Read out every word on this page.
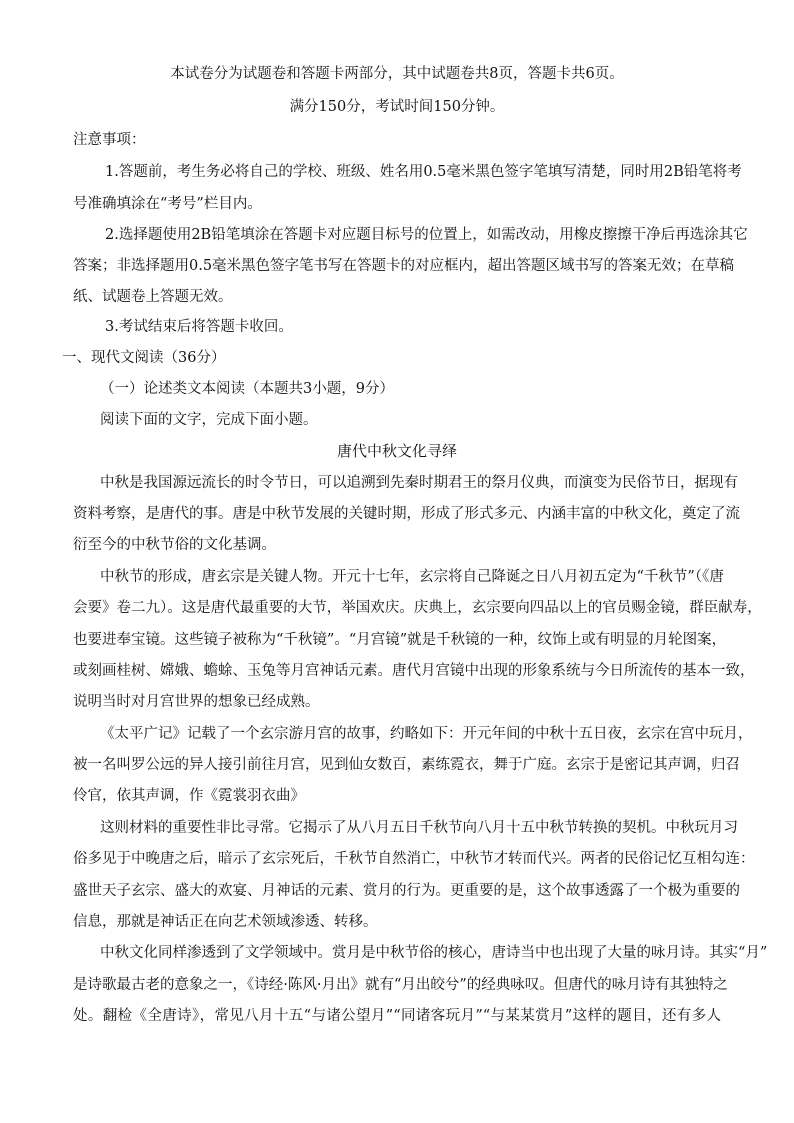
本试卷分为试题卷和答题卡两部分，其中试题卷共8页，答题卡共6页。
满分150分，考试时间150分钟。
注意事项：
1.答题前，考生务必将自己的学校、班级、姓名用0.5毫米黑色签字笔填写清楚，同时用2B铅笔将考
号准确填涂在“考号”栏目内。
2.选择题使用2B铅笔填涂在答题卡对应题目标号的位置上，如需改动，用橡皮擦擦干净后再选涂其它
答案；非选择题用0.5毫米黑色签字笔书写在答题卡的对应框内，超出答题区域书写的答案无效；在草稿
纸、试题卷上答题无效。
3.考试结束后将答题卡收回。
一、现代文阅读（36分）
（一）论述类文本阅读（本题共3小题，9分）
阅读下面的文字，完成下面小题。
唐代中秋文化寻绎
中秋是我国源远流长的时令节日，可以追溯到先秦时期君王的祭月仪典，而演变为民俗节日，据现有
资料考察，是唐代的事。唐是中秋节发展的关键时期，形成了形式多元、内涵丰富的中秋文化，奠定了流
衍至今的中秋节俗的文化基调。
中秋节的形成，唐玄宗是关键人物。开元十七年，玄宗将自己降诞之日八月初五定为“千秋节”（《唐
会要》卷二九）。这是唐代最重要的大节，举国欢庆。庆典上，玄宗要向四品以上的官员赐金镜，群臣献寿，
也要进奉宝镜。这些镜子被称为“千秋镜”。“月宫镜”就是千秋镜的一种，纹饰上或有明显的月轮图案，
或刻画桂树、嫦娥、蟾蜍、玉兔等月宫神话元素。唐代月宫镜中出现的形象系统与今日所流传的基本一致，
说明当时对月宫世界的想象已经成熟。
《太平广记》记载了一个玄宗游月宫的故事，约略如下：开元年间的中秋十五日夜，玄宗在宫中玩月，
被一名叫罗公远的异人接引前往月宫，见到仙女数百，素练霓衣，舞于广庭。玄宗于是密记其声调，归召
伶官，依其声调，作《霓裳羽衣曲》
这则材料的重要性非比寻常。它揭示了从八月五日千秋节向八月十五中秋节转换的契机。中秋玩月习
俗多见于中晚唐之后，暗示了玄宗死后，千秋节自然消亡，中秋节才转而代兴。两者的民俗记忆互相勾连：
盛世天子玄宗、盛大的欢宴、月神话的元素、赏月的行为。更重要的是，这个故事透露了一个极为重要的
信息，那就是神话正在向艺术领域渗透、转移。
中秋文化同样渗透到了文学领域中。赏月是中秋节俗的核心，唐诗当中也出现了大量的咏月诗。其实“月”
是诗歌最古老的意象之一，《诗经·陈风·月出》就有“月出皎兮”的经典咏叹。但唐代的咏月诗有其独特之
处。翻检《全唐诗》，常见八月十五“与诸公望月”“同诸客玩月”“与某某赏月”这样的题目，还有多人
